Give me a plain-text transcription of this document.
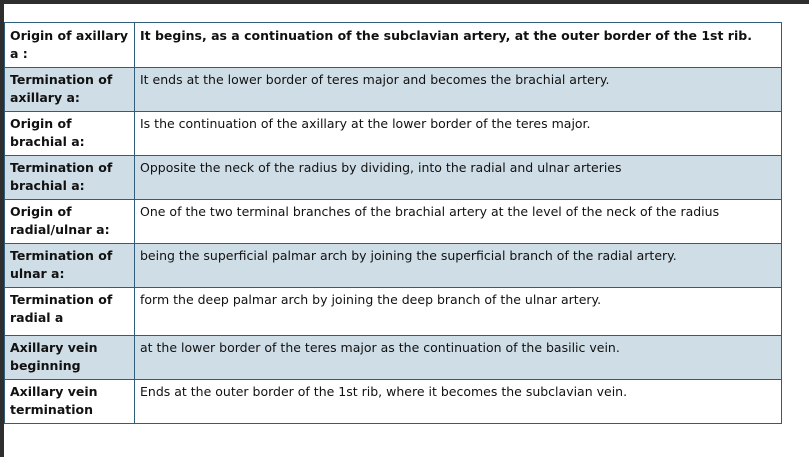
Origin of axillary a :	It begins, as a continuation of the subclavian artery, at the outer border of the 1st rib.
Termination of axillary a:	It ends at the lower border of teres major and becomes the brachial artery.
Origin of brachial a:	Is the continuation of the axillary at the lower border of the teres major.
Termination of brachial a:	Opposite the neck of the radius by dividing, into the radial and ulnar arteries
Origin of radial/ulnar a:	One of the two terminal branches of the brachial artery at the level of the neck of the radius
Termination of ulnar a:	being the superficial palmar arch by joining the superficial branch of the radial artery.
Termination of radial a	form the deep palmar arch by joining the deep branch of the ulnar artery.
Axillary vein beginning	at the lower border of the teres major as the continuation of the basilic vein.
Axillary vein termination	Ends at the outer border of the 1st rib, where it becomes the subclavian vein.
